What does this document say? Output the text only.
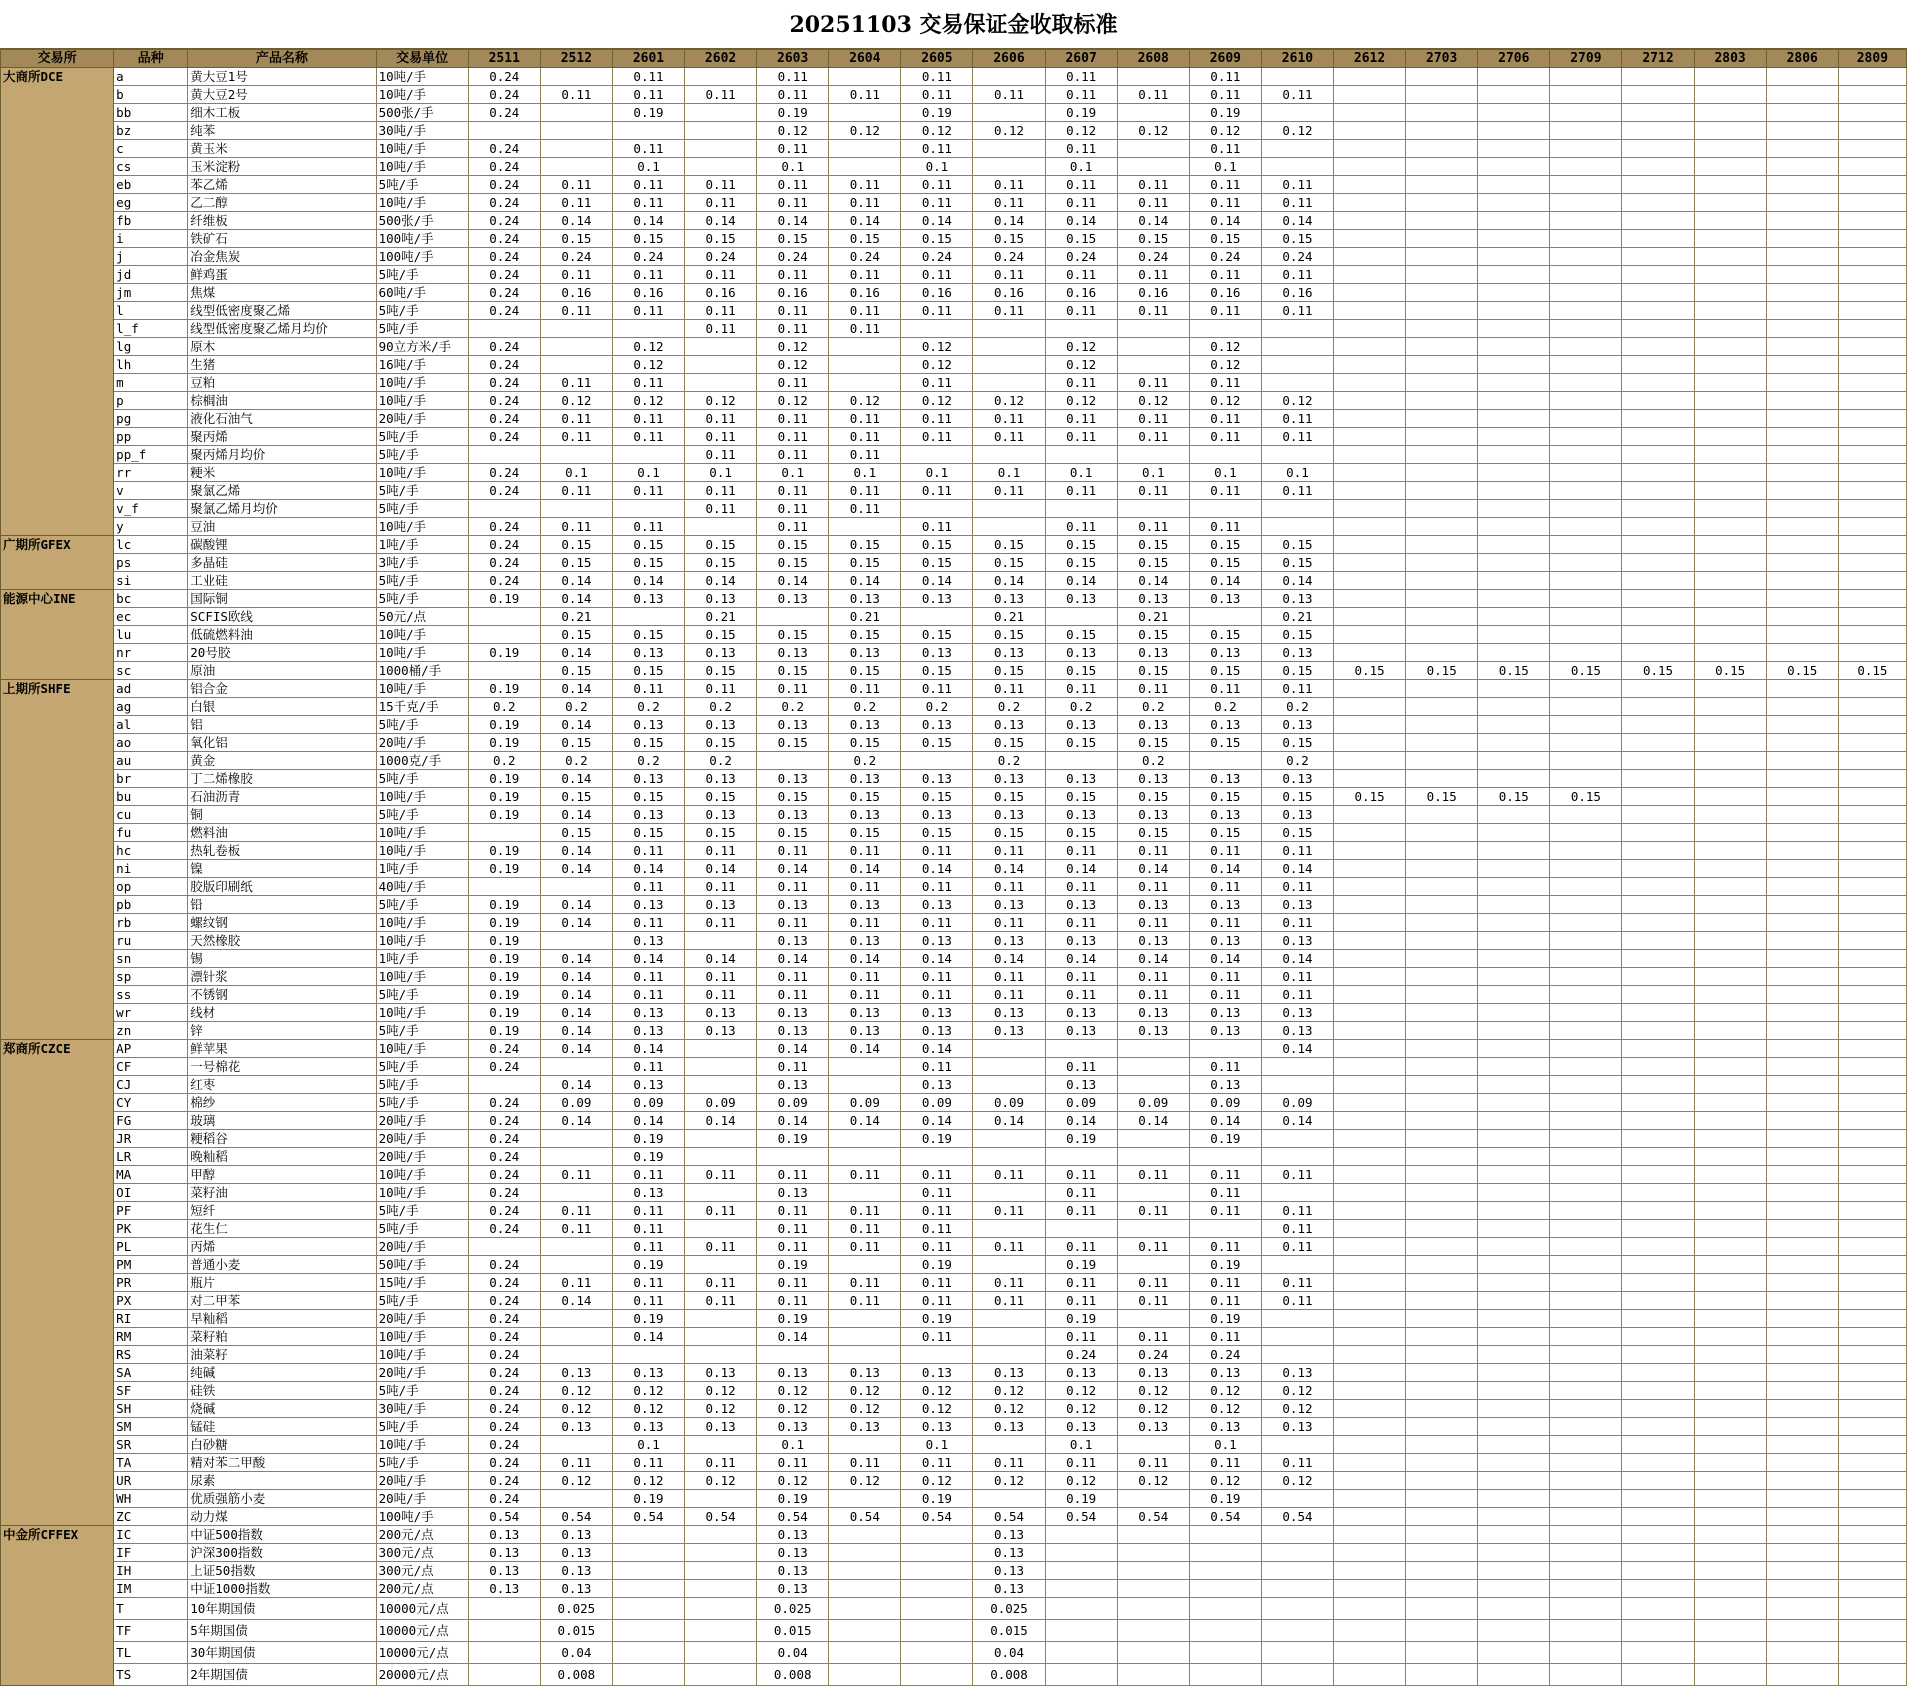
20251103 交易保证金收取标准
交易所	品种	产品名称	交易单位	2511	2512	2601	2602	2603	2604	2605	2606	2607	2608	2609	2610	2612	2703	2706	2709	2712	2803	2806	2809
大商所DCE	a	黄大豆1号	10吨/手	0.24		0.11		0.11		0.11		0.11		0.11									
	b	黄大豆2号	10吨/手	0.24	0.11	0.11	0.11	0.11	0.11	0.11	0.11	0.11	0.11	0.11	0.11								
	bb	细木工板	500张/手	0.24		0.19		0.19		0.19		0.19		0.19									
	bz	纯苯	30吨/手					0.12	0.12	0.12	0.12	0.12	0.12	0.12	0.12								
	c	黄玉米	10吨/手	0.24		0.11		0.11		0.11		0.11		0.11									
	cs	玉米淀粉	10吨/手	0.24		0.1		0.1		0.1		0.1		0.1									
	eb	苯乙烯	5吨/手	0.24	0.11	0.11	0.11	0.11	0.11	0.11	0.11	0.11	0.11	0.11	0.11								
	eg	乙二醇	10吨/手	0.24	0.11	0.11	0.11	0.11	0.11	0.11	0.11	0.11	0.11	0.11	0.11								
	fb	纤维板	500张/手	0.24	0.14	0.14	0.14	0.14	0.14	0.14	0.14	0.14	0.14	0.14	0.14								
	i	铁矿石	100吨/手	0.24	0.15	0.15	0.15	0.15	0.15	0.15	0.15	0.15	0.15	0.15	0.15								
	j	冶金焦炭	100吨/手	0.24	0.24	0.24	0.24	0.24	0.24	0.24	0.24	0.24	0.24	0.24	0.24								
	jd	鲜鸡蛋	5吨/手	0.24	0.11	0.11	0.11	0.11	0.11	0.11	0.11	0.11	0.11	0.11	0.11								
	jm	焦煤	60吨/手	0.24	0.16	0.16	0.16	0.16	0.16	0.16	0.16	0.16	0.16	0.16	0.16								
	l	线型低密度聚乙烯	5吨/手	0.24	0.11	0.11	0.11	0.11	0.11	0.11	0.11	0.11	0.11	0.11	0.11								
	l_f	线型低密度聚乙烯月均价	5吨/手				0.11	0.11	0.11														
	lg	原木	90立方米/手	0.24		0.12		0.12		0.12		0.12		0.12									
	lh	生猪	16吨/手	0.24		0.12		0.12		0.12		0.12		0.12									
	m	豆粕	10吨/手	0.24	0.11	0.11		0.11		0.11		0.11	0.11	0.11									
	p	棕榈油	10吨/手	0.24	0.12	0.12	0.12	0.12	0.12	0.12	0.12	0.12	0.12	0.12	0.12								
	pg	液化石油气	20吨/手	0.24	0.11	0.11	0.11	0.11	0.11	0.11	0.11	0.11	0.11	0.11	0.11								
	pp	聚丙烯	5吨/手	0.24	0.11	0.11	0.11	0.11	0.11	0.11	0.11	0.11	0.11	0.11	0.11								
	pp_f	聚丙烯月均价	5吨/手				0.11	0.11	0.11														
	rr	粳米	10吨/手	0.24	0.1	0.1	0.1	0.1	0.1	0.1	0.1	0.1	0.1	0.1	0.1								
	v	聚氯乙烯	5吨/手	0.24	0.11	0.11	0.11	0.11	0.11	0.11	0.11	0.11	0.11	0.11	0.11								
	v_f	聚氯乙烯月均价	5吨/手				0.11	0.11	0.11														
	y	豆油	10吨/手	0.24	0.11	0.11		0.11		0.11		0.11	0.11	0.11									
广期所GFEX	lc	碳酸锂	1吨/手	0.24	0.15	0.15	0.15	0.15	0.15	0.15	0.15	0.15	0.15	0.15	0.15								
	ps	多晶硅	3吨/手	0.24	0.15	0.15	0.15	0.15	0.15	0.15	0.15	0.15	0.15	0.15	0.15								
	si	工业硅	5吨/手	0.24	0.14	0.14	0.14	0.14	0.14	0.14	0.14	0.14	0.14	0.14	0.14								
能源中心INE	bc	国际铜	5吨/手	0.19	0.14	0.13	0.13	0.13	0.13	0.13	0.13	0.13	0.13	0.13	0.13								
	ec	SCFIS欧线	50元/点		0.21		0.21		0.21		0.21		0.21		0.21								
	lu	低硫燃料油	10吨/手		0.15	0.15	0.15	0.15	0.15	0.15	0.15	0.15	0.15	0.15	0.15								
	nr	20号胶	10吨/手	0.19	0.14	0.13	0.13	0.13	0.13	0.13	0.13	0.13	0.13	0.13	0.13								
	sc	原油	1000桶/手		0.15	0.15	0.15	0.15	0.15	0.15	0.15	0.15	0.15	0.15	0.15	0.15	0.15	0.15	0.15	0.15	0.15	0.15	0.15
上期所SHFE	ad	铝合金	10吨/手	0.19	0.14	0.11	0.11	0.11	0.11	0.11	0.11	0.11	0.11	0.11	0.11								
	ag	白银	15千克/手	0.2	0.2	0.2	0.2	0.2	0.2	0.2	0.2	0.2	0.2	0.2	0.2								
	al	铝	5吨/手	0.19	0.14	0.13	0.13	0.13	0.13	0.13	0.13	0.13	0.13	0.13	0.13								
	ao	氧化铝	20吨/手	0.19	0.15	0.15	0.15	0.15	0.15	0.15	0.15	0.15	0.15	0.15	0.15								
	au	黄金	1000克/手	0.2	0.2	0.2	0.2		0.2		0.2		0.2		0.2								
	br	丁二烯橡胶	5吨/手	0.19	0.14	0.13	0.13	0.13	0.13	0.13	0.13	0.13	0.13	0.13	0.13								
	bu	石油沥青	10吨/手	0.19	0.15	0.15	0.15	0.15	0.15	0.15	0.15	0.15	0.15	0.15	0.15	0.15	0.15	0.15	0.15				
	cu	铜	5吨/手	0.19	0.14	0.13	0.13	0.13	0.13	0.13	0.13	0.13	0.13	0.13	0.13								
	fu	燃料油	10吨/手		0.15	0.15	0.15	0.15	0.15	0.15	0.15	0.15	0.15	0.15	0.15								
	hc	热轧卷板	10吨/手	0.19	0.14	0.11	0.11	0.11	0.11	0.11	0.11	0.11	0.11	0.11	0.11								
	ni	镍	1吨/手	0.19	0.14	0.14	0.14	0.14	0.14	0.14	0.14	0.14	0.14	0.14	0.14								
	op	胶版印刷纸	40吨/手			0.11	0.11	0.11	0.11	0.11	0.11	0.11	0.11	0.11	0.11								
	pb	铅	5吨/手	0.19	0.14	0.13	0.13	0.13	0.13	0.13	0.13	0.13	0.13	0.13	0.13								
	rb	螺纹钢	10吨/手	0.19	0.14	0.11	0.11	0.11	0.11	0.11	0.11	0.11	0.11	0.11	0.11								
	ru	天然橡胶	10吨/手	0.19		0.13		0.13	0.13	0.13	0.13	0.13	0.13	0.13	0.13								
	sn	锡	1吨/手	0.19	0.14	0.14	0.14	0.14	0.14	0.14	0.14	0.14	0.14	0.14	0.14								
	sp	漂针浆	10吨/手	0.19	0.14	0.11	0.11	0.11	0.11	0.11	0.11	0.11	0.11	0.11	0.11								
	ss	不锈钢	5吨/手	0.19	0.14	0.11	0.11	0.11	0.11	0.11	0.11	0.11	0.11	0.11	0.11								
	wr	线材	10吨/手	0.19	0.14	0.13	0.13	0.13	0.13	0.13	0.13	0.13	0.13	0.13	0.13								
	zn	锌	5吨/手	0.19	0.14	0.13	0.13	0.13	0.13	0.13	0.13	0.13	0.13	0.13	0.13								
郑商所CZCE	AP	鲜苹果	10吨/手	0.24	0.14	0.14		0.14	0.14	0.14					0.14								
	CF	一号棉花	5吨/手	0.24		0.11		0.11		0.11		0.11		0.11									
	CJ	红枣	5吨/手		0.14	0.13		0.13		0.13		0.13		0.13									
	CY	棉纱	5吨/手	0.24	0.09	0.09	0.09	0.09	0.09	0.09	0.09	0.09	0.09	0.09	0.09								
	FG	玻璃	20吨/手	0.24	0.14	0.14	0.14	0.14	0.14	0.14	0.14	0.14	0.14	0.14	0.14								
	JR	粳稻谷	20吨/手	0.24		0.19		0.19		0.19		0.19		0.19									
	LR	晚籼稻	20吨/手	0.24		0.19																	
	MA	甲醇	10吨/手	0.24	0.11	0.11	0.11	0.11	0.11	0.11	0.11	0.11	0.11	0.11	0.11								
	OI	菜籽油	10吨/手	0.24		0.13		0.13		0.11		0.11		0.11									
	PF	短纤	5吨/手	0.24	0.11	0.11	0.11	0.11	0.11	0.11	0.11	0.11	0.11	0.11	0.11								
	PK	花生仁	5吨/手	0.24	0.11	0.11		0.11	0.11	0.11					0.11								
	PL	丙烯	20吨/手			0.11	0.11	0.11	0.11	0.11	0.11	0.11	0.11	0.11	0.11								
	PM	普通小麦	50吨/手	0.24		0.19		0.19		0.19		0.19		0.19									
	PR	瓶片	15吨/手	0.24	0.11	0.11	0.11	0.11	0.11	0.11	0.11	0.11	0.11	0.11	0.11								
	PX	对二甲苯	5吨/手	0.24	0.14	0.11	0.11	0.11	0.11	0.11	0.11	0.11	0.11	0.11	0.11								
	RI	早籼稻	20吨/手	0.24		0.19		0.19		0.19		0.19		0.19									
	RM	菜籽粕	10吨/手	0.24		0.14		0.14		0.11		0.11	0.11	0.11									
	RS	油菜籽	10吨/手	0.24								0.24	0.24	0.24									
	SA	纯碱	20吨/手	0.24	0.13	0.13	0.13	0.13	0.13	0.13	0.13	0.13	0.13	0.13	0.13								
	SF	硅铁	5吨/手	0.24	0.12	0.12	0.12	0.12	0.12	0.12	0.12	0.12	0.12	0.12	0.12								
	SH	烧碱	30吨/手	0.24	0.12	0.12	0.12	0.12	0.12	0.12	0.12	0.12	0.12	0.12	0.12								
	SM	锰硅	5吨/手	0.24	0.13	0.13	0.13	0.13	0.13	0.13	0.13	0.13	0.13	0.13	0.13								
	SR	白砂糖	10吨/手	0.24		0.1		0.1		0.1		0.1		0.1									
	TA	精对苯二甲酸	5吨/手	0.24	0.11	0.11	0.11	0.11	0.11	0.11	0.11	0.11	0.11	0.11	0.11								
	UR	尿素	20吨/手	0.24	0.12	0.12	0.12	0.12	0.12	0.12	0.12	0.12	0.12	0.12	0.12								
	WH	优质强筋小麦	20吨/手	0.24		0.19		0.19		0.19		0.19		0.19									
	ZC	动力煤	100吨/手	0.54	0.54	0.54	0.54	0.54	0.54	0.54	0.54	0.54	0.54	0.54	0.54								
中金所CFFEX	IC	中证500指数	200元/点	0.13	0.13			0.13			0.13												
	IF	沪深300指数	300元/点	0.13	0.13			0.13			0.13												
	IH	上证50指数	300元/点	0.13	0.13			0.13			0.13												
	IM	中证1000指数	200元/点	0.13	0.13			0.13			0.13												
	T	10年期国债	10000元/点		0.025			0.025			0.025												
	TF	5年期国债	10000元/点		0.015			0.015			0.015												
	TL	30年期国债	10000元/点		0.04			0.04			0.04												
	TS	2年期国债	20000元/点		0.008			0.008			0.008												
